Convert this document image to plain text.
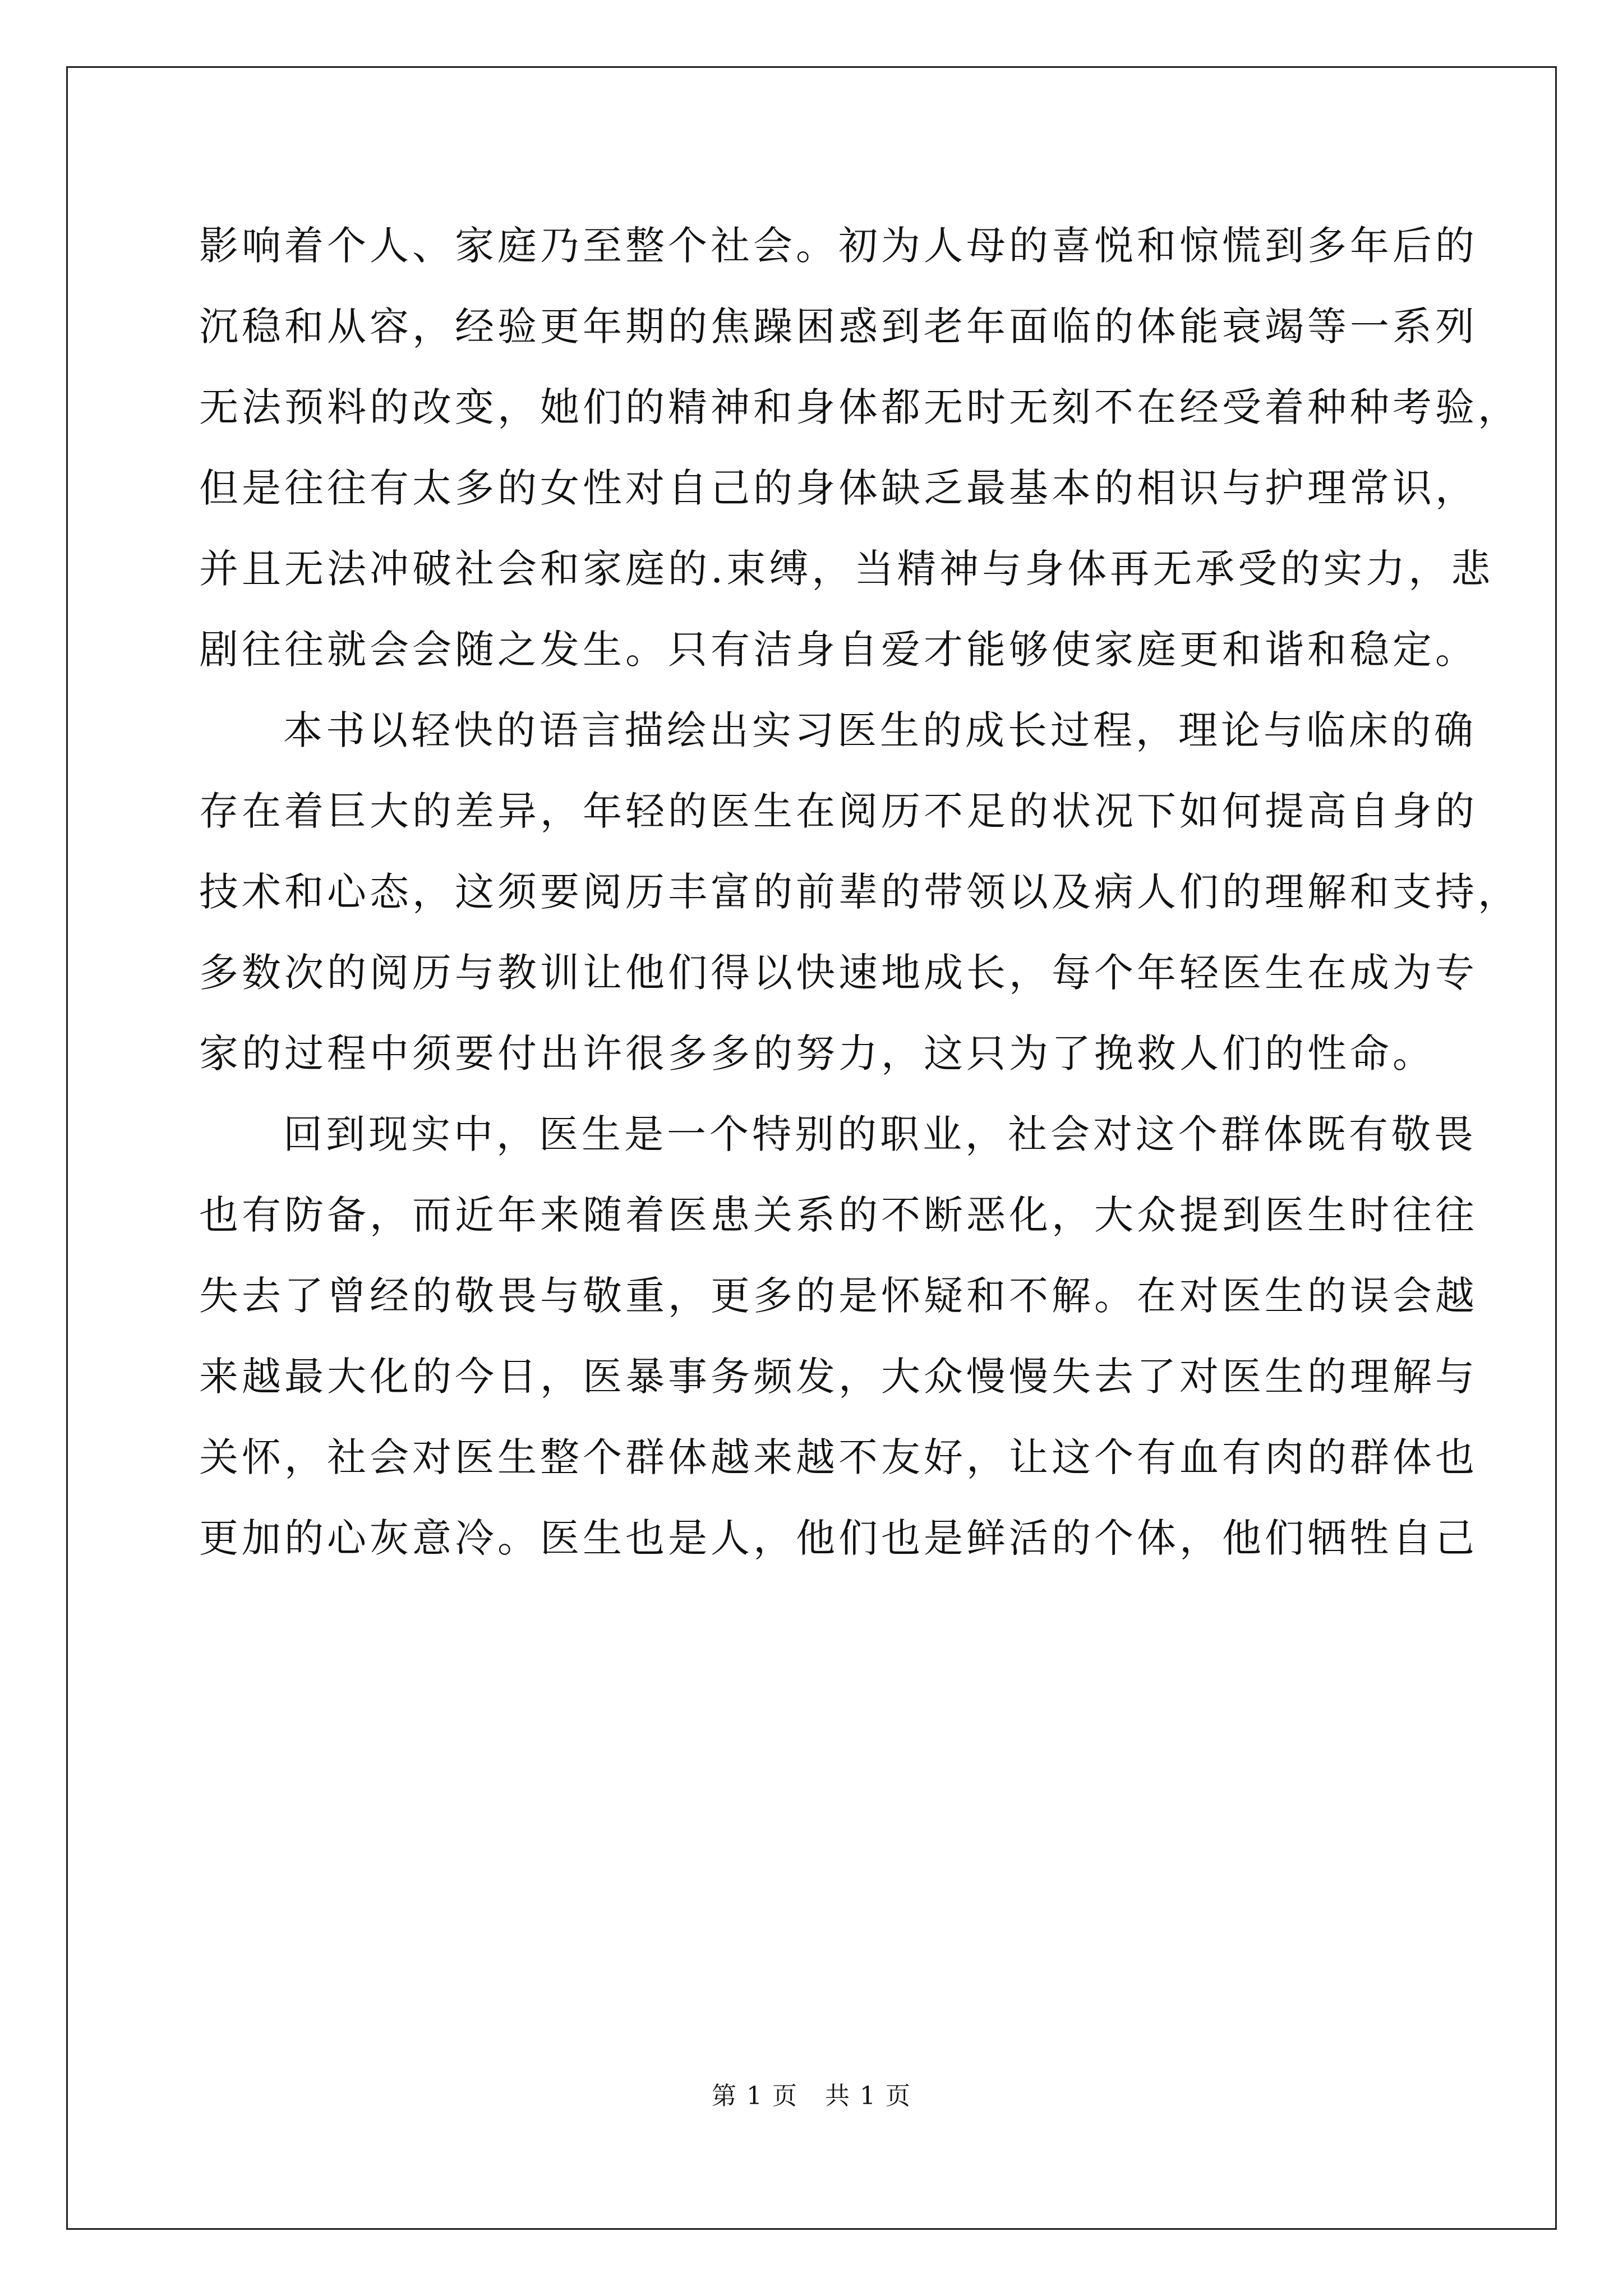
影响着个人、家庭乃至整个社会。初为人母的喜悦和惊慌到多年后的
沉稳和从容，经验更年期的焦躁困惑到老年面临的体能衰竭等一系列
无法预料的改变，她们的精神和身体都无时无刻不在经受着种种考验，
但是往往有太多的女性对自己的身体缺乏最基本的相识与护理常识，
并且无法冲破社会和家庭的.束缚，当精神与身体再无承受的实力，悲
剧往往就会会随之发生。只有洁身自爱才能够使家庭更和谐和稳定。
本书以轻快的语言描绘出实习医生的成长过程，理论与临床的确
存在着巨大的差异，年轻的医生在阅历不足的状况下如何提高自身的
技术和心态，这须要阅历丰富的前辈的带领以及病人们的理解和支持，
多数次的阅历与教训让他们得以快速地成长，每个年轻医生在成为专
家的过程中须要付出许很多多的努力，这只为了挽救人们的性命。
回到现实中，医生是一个特别的职业，社会对这个群体既有敬畏
也有防备，而近年来随着医患关系的不断恶化，大众提到医生时往往
失去了曾经的敬畏与敬重，更多的是怀疑和不解。在对医生的误会越
来越最大化的今日，医暴事务频发，大众慢慢失去了对医生的理解与
关怀，社会对医生整个群体越来越不友好，让这个有血有肉的群体也
更加的心灰意冷。医生也是人，他们也是鲜活的个体，他们牺牲自己
第 1 页   共 1 页
